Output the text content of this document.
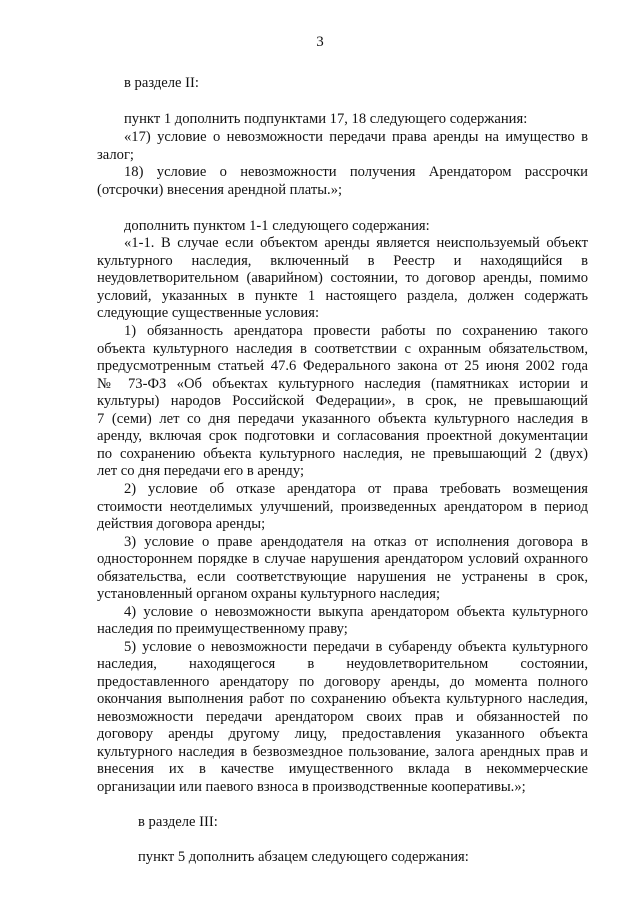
3
в разделе II:
пункт 1 дополнить подпунктами 17, 18 следующего содержания:
«17) условие о невозможности передачи права аренды на имущество в
залог;
18) условие о невозможности получения Арендатором рассрочки
(отсрочки) внесения арендной платы.»;
дополнить пунктом 1-1 следующего содержания:
«1-1. В случае если объектом аренды является неиспользуемый объект
культурного наследия, включенный в Реестр и находящийся в
неудовлетворительном (аварийном) состоянии, то договор аренды, помимо
условий, указанных в пункте 1 настоящего раздела, должен содержать
следующие существенные условия:
1) обязанность арендатора провести работы по сохранению такого
объекта культурного наследия в соответствии с охранным обязательством,
предусмотренным статьей 47.6 Федерального закона от 25 июня 2002 года
№ 73-ФЗ «Об объектах культурного наследия (памятниках истории и
культуры) народов Российской Федерации», в срок, не превышающий
7 (семи) лет со дня передачи указанного объекта культурного наследия в
аренду, включая срок подготовки и согласования проектной документации
по сохранению объекта культурного наследия, не превышающий 2 (двух)
лет со дня передачи его в аренду;
2) условие об отказе арендатора от права требовать возмещения
стоимости неотделимых улучшений, произведенных арендатором в период
действия договора аренды;
3) условие о праве арендодателя на отказ от исполнения договора в
одностороннем порядке в случае нарушения арендатором условий охранного
обязательства, если соответствующие нарушения не устранены в срок,
установленный органом охраны культурного наследия;
4) условие о невозможности выкупа арендатором объекта культурного
наследия по преимущественному праву;
5) условие о невозможности передачи в субаренду объекта культурного
наследия, находящегося в неудовлетворительном состоянии,
предоставленного арендатору по договору аренды, до момента полного
окончания выполнения работ по сохранению объекта культурного наследия,
невозможности передачи арендатором своих прав и обязанностей по
договору аренды другому лицу, предоставления указанного объекта
культурного наследия в безвозмездное пользование, залога арендных прав и
внесения их в качестве имущественного вклада в некоммерческие
организации или паевого взноса в производственные кооперативы.»;
в разделе III:
пункт 5 дополнить абзацем следующего содержания:
